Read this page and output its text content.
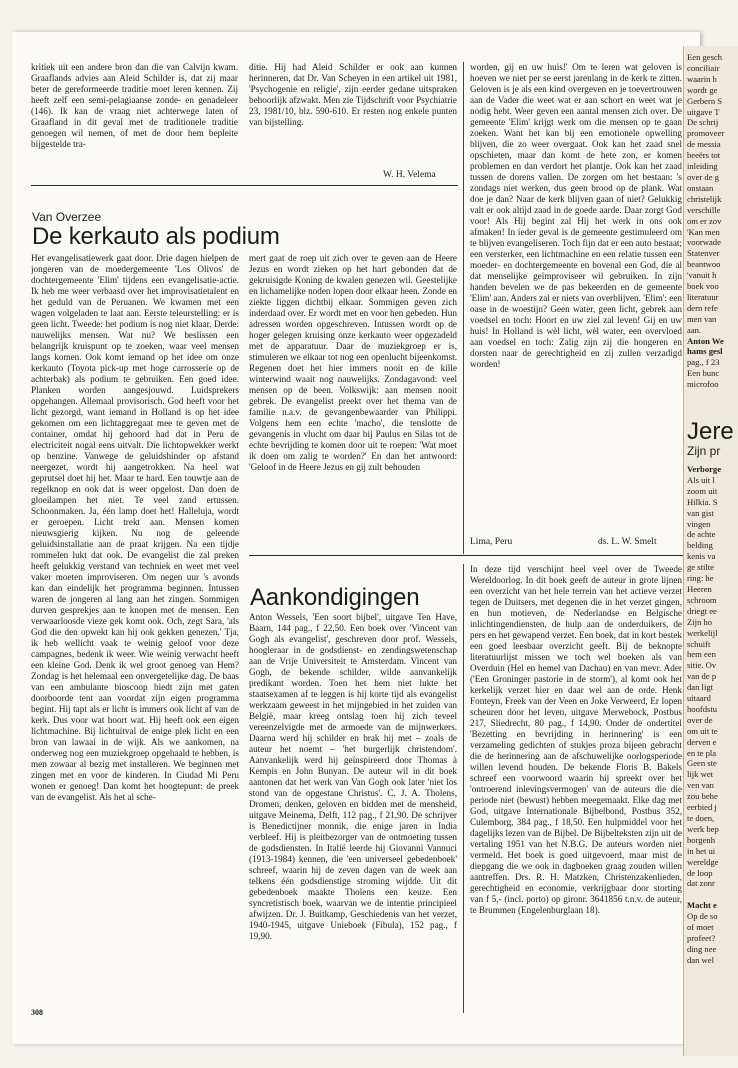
kritiek uit een andere bron dan die van Calvijn kwam. Graaflands advies aan Aleid Schilder is, dat zij maar beter de gereformeerde traditie moet leren kennen. Zij heeft zelf een semi-pelagiaanse zonde- en genadeleer (146). Ik kan de vraag niet achterwege laten of Graafland in dit geval met de traditionele traditie genoegen wil nemen, of met de door hem bepleite bijgestelde tra-

ditie. Hij had Aleid Schilder er ook aan kunnen herinneren, dat Dr. Van Scheyen in een artikel uit 1981, 'Psychogenie en religie', zijn eerder gedane uitspraken behoorlijk afzwakt. Men zie Tijdschrift voor Psychiatrie 23, 1981/10, blz. 590-610. Er resten nog enkele punten van bijstelling.

W. H. Velema
Van Overzee
De kerkauto als podium

Het evangelisatiewerk gaat door. Drie dagen hielpen de jongeren van de moedergemeente 'Los Olivos' de dochtergemeente 'Elim' tijdens een evangelisatie-actie. Ik heb me weer verbaasd over het improvisatietalent en het geduld van de Peruanen. We kwamen met een wagen volgeladen te laat aan. Eerste teleurstelling: er is geen licht. Tweede: het podium is nog niet klaar. Derde: nauwelijks mensen. Wat nu? We beslissen een belangrijk kruispunt op te zoeken, waar veel mensen langs komen. Ook komt iemand op het idee om onze kerkauto (Toyota pick-up met hoge carrosserie op de achterbak) als podium te gebruiken. Een goed idee. Planken worden aangesjouwd. Luidsprekers opgehangen. Allemaal provisorisch. God heeft voor het licht gezorgd, want iemand in Holland is op het idee gekomen om een lichtaggregaat mee te geven met de container, omdat hij gehoord had dat in Peru de electriciteit nogal eens uitvalt. Die lichtopwekker werkt op benzine. Vanwege de geluidshinder op afstand neergezet, wordt hij aangetrokken. Na heel wat geprutsel doet hij het. Maar te hard. Een touwtje aan de regelknop en ook dat is weer opgelost. Dan doen de gloeilampen het niet. Te veel zand ertussen. Schoonmaken. Ja, één lamp doet het! Halleluja, wordt er geroepen. Licht trekt aan. Mensen komen nieuwsgierig kijken. Nu nog de geleende geluidsinstallatie aan de praat krijgen. Na een tijdje rommelen lukt dat ook. De evangelist die zal preken heeft gelukkig verstand van techniek en weet met veel vaker moeten improviseren. Om negen uur 's avonds kan dan eindelijk het programma beginnen. Intussen waren de jongeren al lang aan het zingen. Sommigen durven gesprekjes aan te knopen met de mensen. Een verwaarloosde vieze gek komt ook. Och, zegt Sara, 'als God die den opwekt kan hij ook gekken genezen.' Tja, ik heb wellicht vaak te weinig geloof voor deze campagnes, bedenk ik weer. Wie weinig verwacht heeft een kleine God. Denk ik wel groot genoeg van Hem? Zondag is het helemaal een onvergetelijke dag. De baas van een ambulante bioscoop biedt zijn met gaten doorboorde tent aan voordat zijn eigen programma begint. Hij tapt als er licht is immers ook licht af van de kerk. Dus voor wat hoort wat. Hij heeft ook een eigen lichtmachine. Bij lichtuitval de enige plek licht en een bron van lawaai in de wijk. Als we aankomen, na onderweg nog een muziekgroep opgehaald te hebben, is men zowaar al bezig met installeren. We beginnen met zingen met en voor de kinderen. In Ciudad Mi Peru wonen er genoeg! Dan komt het hoogtepunt: de preek van de evangelist. Als het al sche-

mert gaat de roep uit zich over te geven aan de Heere Jezus en wordt zieken op het hart gebonden dat de gekruisigde Koning de kwalen genezen wil. Geestelijke en lichamelijke noden lopen door elkaar heen. Zonde en ziekte liggen dichtbij elkaar. Sommigen geven zich inderdaad over. Er wordt met en voor hen gebeden. Hun adressen worden opgeschreven. Intussen wordt op de hoger gelegen kruising onze kerkauto weer opgezadeld met de apparatuur. Daar de muziekgroep er is, stimuleren we elkaar tot nog een openlucht bijeenkomst. Regenen doet het hier immers nooit en de kille winterwind waait nog nauwelijks. Zondagavond: veel mensen op de been. Volkswijk: aan mensen nooit gebrek. De evangelist preekt over het thema van de familie n.a.v. de gevangenbewaarder van Philippi. Volgens hem een echte 'macho', die tenslotte de gevangenis in vlucht om daar bij Paulus en Silas tot de echte bevrijding te komen door uit te roepen: 'Wat moet ik doen om zalig te worden?' En dan het antwoord: 'Geloof in de Heere Jezus en gij zult behouden

worden, gij en uw huis!' Om te leren wat geloven is hoeven we niet per se eerst jarenlang in de kerk te zitten. Geloven is je als een kind overgeven en je toevertrouwen aan de Vader die weet wat er aan schort en weet wat je nodig hebt. Weer geven een aantal mensen zich over. De gemeente 'Elim' krijgt werk om die mensen op te gaan zoeken. Want het kan bij een emotionele opwelling blijven, die zo weer overgaat. Ook kan het zaad snel opschieten, maar dan komt de hete zon, er komen problemen en dan verdort het plantje. Ook kan het zaad tussen de dorens vallen. De zorgen om het bestaan: 's zondags niet werken, dus geen brood op de plank. Wat doe je dan? Naar de kerk blijven gaan of niet? Gelukkig valt er ook altijd zaad in de goede aarde. Daar zorgt God voor! Als Hij begint zal Hij het werk in ons ook afmaken! In ieder geval is de gemeente gestimuleerd om te blijven evangeliseren. Toch fijn dat er een auto bestaat; een versterker, een lichtmachine en een relatie tussen een moeder- en dochtergemeente en bovenal een God, die al dat menselijke geïmproviseer wil gebruiken. In zijn handen bevelen we de pas bekeerden en de gemeente 'Elim' aan. Anders zal er niets van overblijven. 'Elim': een oase in de woestijn? Geen water, geen licht, gebrek aan voedsel en toch: Hoort en uw ziel zal leven! Gij en uw huis! In Holland is wèl licht, wèl water, een overvloed aan voedsel en toch: Zalig zijn zij die hongeren en dorsten naar de gerechtigheid en zij zullen verzadigd worden!

Lima, Peru	ds. L. W. Smelt
Aankondigingen

Anton Wessels, 'Een soort bijbel', uitgave Ten Have, Baarn, 144 pag., f 22,50. Een boek over 'Vincent van Gogh als evangelist', geschreven door prof. Wessels, hoogleraar in de godsdienst- en zendingswetenschap aan de Vrije Universiteit te Amsterdam. Vincent van Gogh, de bekende schilder, wilde aanvankelijk predikant worden. Toen het hem niet lukte het staatsexamen af te leggen is hij korte tijd als evangelist werkzaam geweest in het mijngebied in het zuiden van België, maar kreeg ontslag toen hij zich teveel vereenzelvigde met de armoede van de mijnwerkers. Daarna werd hij schilder en brak hij met – zoals de auteur het noemt – 'het burgerlijk christendom'. Aanvankelijk werd hij geïnspireerd door Thomas à Kempis en John Bunyan. De auteur wil in dit boek aantonen dat het werk van Van Gogh ook later 'niet los stond van de opgestane Christus'. C. J. A. Tholens, Dromen, denken, geloven en bidden met de mensheid, uitgave Meinema, Delft, 112 pag., f 21,90. De schrijver is Benedictijner monnik, die enige jaren in India verbleef. Hij is pleitbezorger van de ontmoeting tussen de godsdiensten. In Italië leerde hij Giovanni Vannuci (1913-1984) kennen, die 'een universeel gebedenboek' schreef, waarin hij de zeven dagen van de week aan telkens één godsdienstige stroming wijdde. Uit dit gebedenboek maakte Tholens een keuze. Een syncretistisch boek, waarvan we de intentie principieel afwijzen. Dr. J. Buitkamp, Geschiedenis van het verzet, 1940-1945, uitgave Unieboek (Fibula), 152 pag., f 19,90.

In deze tijd verschijnt heel veel over de Tweede Wereldoorlog. In dit boek geeft de auteur in grote lijnen een overzicht van het hele terrein van het actieve verzet tegen de Duitsers, met degenen die in het verzet gingen, en hun motieven, de Nederlandse en Belgische inlichtingendiensten, de hulp aan de onderduikers, de pers en het gewapend verzet. Een boek, dat in kort bestek een goed leesbaar overzicht geeft. Bij de beknopte literatuurlijst missen we toch wel boeken als van Overduin (Hel en hemel van Dachau) en van mevr. Ader ('Een Groninger pastorie in de storm'), al komt ook het kerkelijk verzet hier en daar wel aan de orde. Henk Fonteyn, Freek van der Veen en Joke Verweerd, Er lopen scheuren door het leven, uitgave Merwebock, Postbus 217, Sliedrecht, 80 pag., f 14,90. Onder de ondertitel 'Bezetting en bevrijding in herinnering' is een verzameling gedichten of stukjes proza bijeen gebracht die de herinnering aan de afschuwelijke oorlogsperiode willen levend houden. De bekende Floris B. Bakels schreef een voorwoord waarin hij spreekt over het 'ontroerend inlevingsvermogen' van de auteurs die die periode niet (bewust) hebben meegemaakt. Elke dag met God, uitgave Internationale Bijbelbond, Postbus 352, Culemborg, 384 pag., f 18,50. Een hulpmiddel voor het dagelijks lezen van de Bijbel. De Bijbelteksten zijn uit de vertaling 1951 van het N.B.G. De auteurs worden niet vermeld. Het boek is goed uitgevoerd, maar mist de diepgang die we ook in dagboeken graag zouden willen aantreffen. Drs. R. H. Matzken, Christenzakenlieden, gerechtigheid en economie, verkrijgbaar door storting van f 5,- (incl. porto) op gironr. 3641856 t.n.v. de auteur, te Brummen (Engelenburglaan 18).

308
Een gesch
conciliair
waarin h
wordt ge
Gerbern S
uitgave T
De schrij
promoveer
de messia
beeërs tot
inleiding
over de g
onstaan
christelijk
verschille
om er zov
'Kan men
voorwade
Statenver
beantwoo
'vanuit h
boek voo
literatuur
dern refe
men van
aan.
Anton We
hams gesl
pag., f 23
Een bunc
microfoo
Jere
Zijn pr
Verborge
Als uit l
zoom uit
Hilkia. S
van gist
vingen
de achte
belding
kenis va
ge stilte
ring: he
Heeren
schroom
driegt ee
Zijn ho
werkelijl
schuift
hem een
sitie. Ov
van de p
dan ligt
uitaard
hoofdstu
over de
om uit te
derven e
en te pla
Geen ste
lijk wet
ven van
zou behe
eerbied j
te doen,
werk bep
borgenh
in het ui
wereldge
de loop
dat zonr

Macht e
Op de so
of moet
profeet?
ding nee
dan wel
